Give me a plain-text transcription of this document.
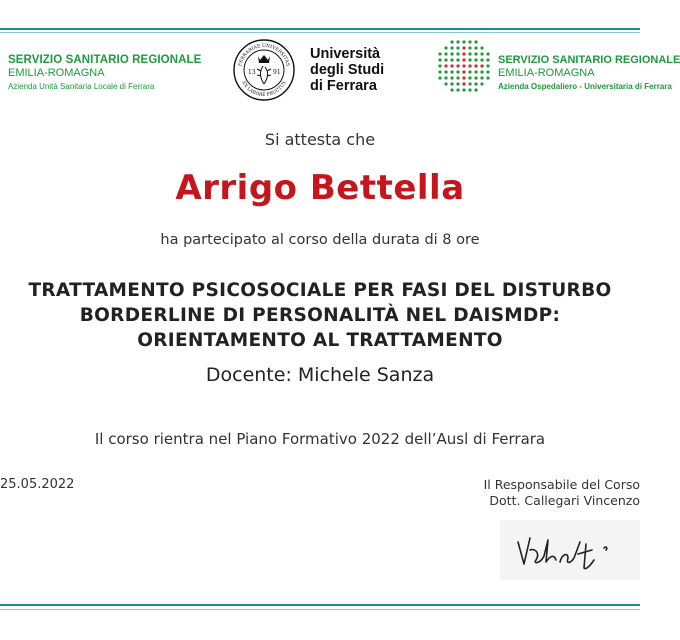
SERVIZIO SANITARIO REGIONALE
EMILIA-ROMAGNA
Azienda Unità Sanitaria Locale di Ferrara
13	91
FERRARIAE UNIVERSITAS
EX LABORE FRUCTUS
Università
degli Studi
di Ferrara
SERVIZIO SANITARIO REGIONALE
EMILIA-ROMAGNA
Azienda Ospedaliero - Universitaria di Ferrara
Si attesta che
Arrigo Bettella
ha partecipato al corso della durata di 8 ore
TRATTAMENTO PSICOSOCIALE PER FASI DEL DISTURBO
BORDERLINE DI PERSONALITÀ NEL DAISMDP:
ORIENTAMENTO AL TRATTAMENTO
Docente: Michele Sanza
Il corso rientra nel Piano Formativo 2022 dell’Ausl di Ferrara
25.05.2022	Il Responsabile del Corso
Dott. Callegari Vincenzo
